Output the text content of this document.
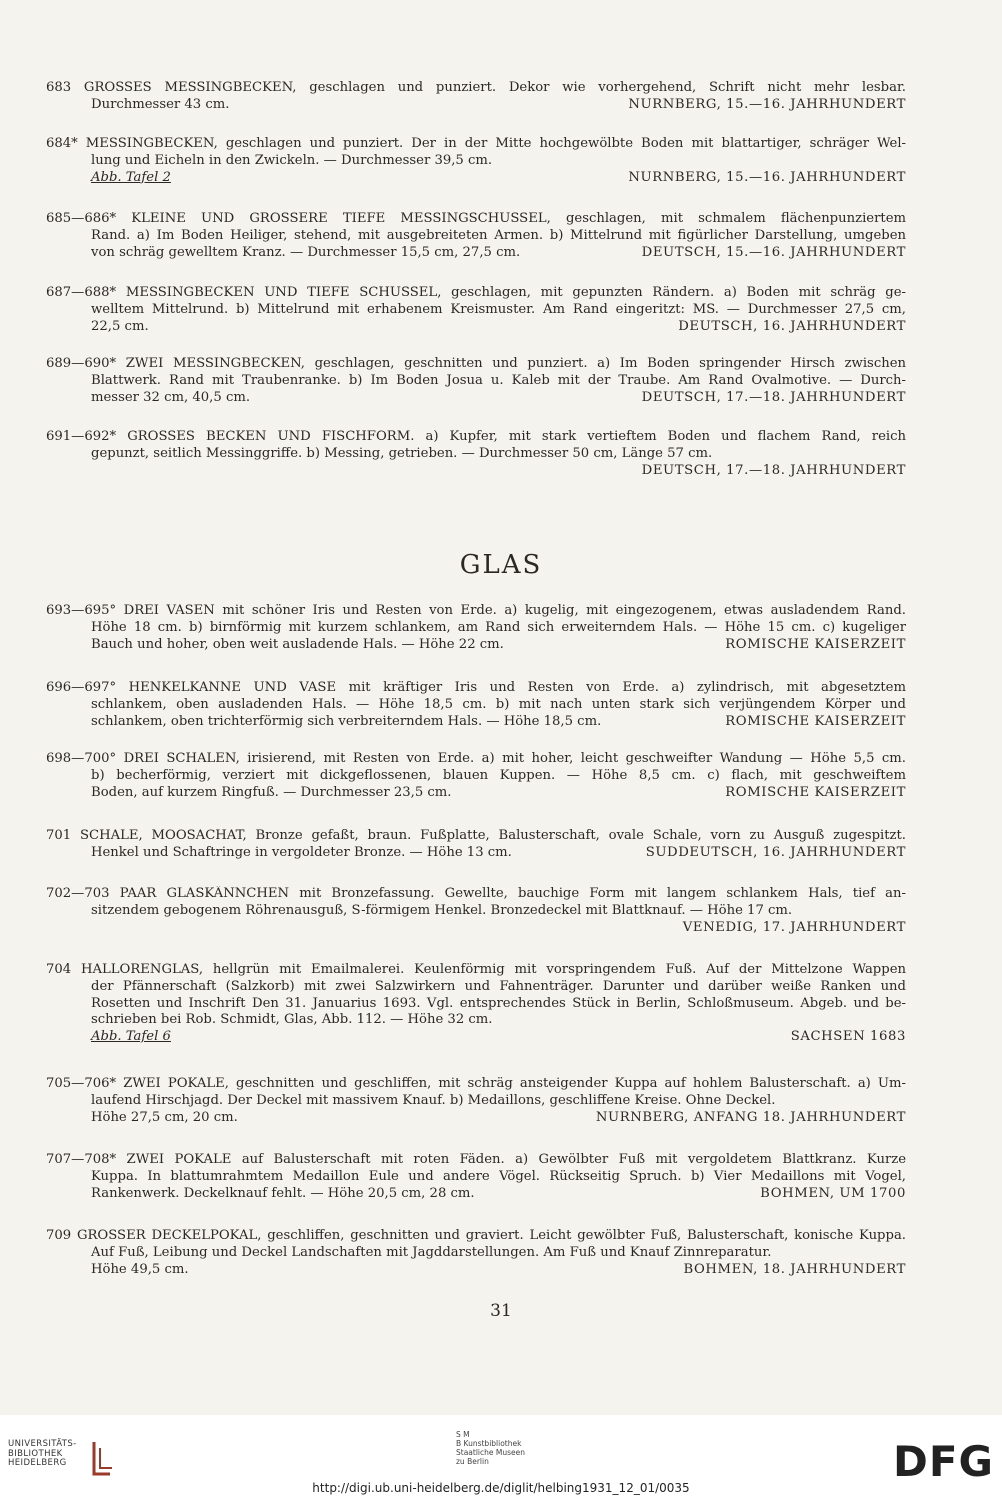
683 GROSSES MESSINGBECKEN, geschlagen und punziert. Dekor wie vorhergehend, Schrift nicht mehr lesbar.
Durchmesser 43 cm.	NÜRNBERG, 15.—16. JAHRHUNDERT
684* MESSINGBECKEN, geschlagen und punziert. Der in der Mitte hochgewölbte Boden mit blattartiger, schräger Wel-
lung und Eicheln in den Zwickeln. — Durchmesser 39,5 cm.
Abb. Tafel 2	NÜRNBERG, 15.—16. JAHRHUNDERT
685—686* KLEINE UND GRÖSSERE TIEFE MESSINGSCHÜSSEL, geschlagen, mit schmalem flächenpunziertem
Rand. a) Im Boden Heiliger, stehend, mit ausgebreiteten Armen. b) Mittelrund mit figürlicher Darstellung, umgeben
von schräg gewelltem Kranz. — Durchmesser 15,5 cm, 27,5 cm.	DEUTSCH, 15.—16. JAHRHUNDERT
687—688* MESSINGBECKEN UND TIEFE SCHÜSSEL, geschlagen, mit gepunzten Rändern. a) Boden mit schräg ge-
welltem Mittelrund. b) Mittelrund mit erhabenem Kreismuster. Am Rand eingeritzt: MS. — Durchmesser 27,5 cm,
22,5 cm.	DEUTSCH, 16. JAHRHUNDERT
689—690* ZWEI MESSINGBECKEN, geschlagen, geschnitten und punziert. a) Im Boden springender Hirsch zwischen
Blattwerk. Rand mit Traubenranke. b) Im Boden Josua u. Kaleb mit der Traube. Am Rand Ovalmotive. — Durch-
messer 32 cm, 40,5 cm.	DEUTSCH, 17.—18. JAHRHUNDERT
691—692* GROSSES BECKEN UND FISCHFORM. a) Kupfer, mit stark vertieftem Boden und flachem Rand, reich
gepunzt, seitlich Messinggriffe. b) Messing, getrieben. — Durchmesser 50 cm, Länge 57 cm.
DEUTSCH, 17.—18. JAHRHUNDERT
693—695° DREI VASEN mit schöner Iris und Resten von Erde. a) kugelig, mit eingezogenem, etwas ausladendem Rand.
Höhe 18 cm. b) birnförmig mit kurzem schlankem, am Rand sich erweiterndem Hals. — Höhe 15 cm. c) kugeliger
Bauch und hoher, oben weit ausladende Hals. — Höhe 22 cm.	RÖMISCHE KAISERZEIT
696—697° HENKELKANNE UND VASE mit kräftiger Iris und Resten von Erde. a) zylindrisch, mit abgesetztem
schlankem, oben ausladenden Hals. — Höhe 18,5 cm. b) mit nach unten stark sich verjüngendem Körper und
schlankem, oben trichterförmig sich verbreiterndem Hals. — Höhe 18,5 cm.	RÖMISCHE KAISERZEIT
698—700° DREI SCHALEN, irisierend, mit Resten von Erde. a) mit hoher, leicht geschweifter Wandung — Höhe 5,5 cm.
b) becherförmig, verziert mit dickgeflossenen, blauen Kuppen. — Höhe 8,5 cm. c) flach, mit geschweiftem
Boden, auf kurzem Ringfuß. — Durchmesser 23,5 cm.	RÖMISCHE KAISERZEIT
701 SCHALE, MOOSACHAT, Bronze gefaßt, braun. Fußplatte, Balusterschaft, ovale Schale, vorn zu Ausguß zugespitzt.
Henkel und Schaftringe in vergoldeter Bronze. — Höhe 13 cm.	SÜDDEUTSCH, 16. JAHRHUNDERT
702—703 PAAR GLASKÄNNCHEN mit Bronzefassung. Gewellte, bauchige Form mit langem schlankem Hals, tief an-
sitzendem gebogenem Röhrenausguß, S-förmigem Henkel. Bronzedeckel mit Blattknauf. — Höhe 17 cm.
VENEDIG, 17. JAHRHUNDERT
704 HALLORENGLAS, hellgrün mit Emailmalerei. Keulenförmig mit vorspringendem Fuß. Auf der Mittelzone Wappen
der Pfännerschaft (Salzkorb) mit zwei Salzwirkern und Fahnenträger. Darunter und darüber weiße Ranken und
Rosetten und Inschrift Den 31. Januarius 1693. Vgl. entsprechendes Stück in Berlin, Schloßmuseum. Abgeb. und be-
schrieben bei Rob. Schmidt, Glas, Abb. 112. — Höhe 32 cm.
Abb. Tafel 6	SACHSEN 1683
705—706* ZWEI POKALE, geschnitten und geschliffen, mit schräg ansteigender Kuppa auf hohlem Balusterschaft. a) Um-
laufend Hirschjagd. Der Deckel mit massivem Knauf. b) Medaillons, geschliffene Kreise. Ohne Deckel.
Höhe 27,5 cm, 20 cm.	NÜRNBERG, ANFANG 18. JAHRHUNDERT
707—708* ZWEI POKALE auf Balusterschaft mit roten Fäden. a) Gewölbter Fuß mit vergoldetem Blattkranz. Kurze
Kuppa. In blattumrahmtem Medaillon Eule und andere Vögel. Rückseitig Spruch. b) Vier Medaillons mit Vogel,
Rankenwerk. Deckelknauf fehlt. — Höhe 20,5 cm, 28 cm.	BÖHMEN, UM 1700
709 GROSSER DECKELPOKAL, geschliffen, geschnitten und graviert. Leicht gewölbter Fuß, Balusterschaft, konische Kuppa.
Auf Fuß, Leibung und Deckel Landschaften mit Jagddarstellungen. Am Fuß und Knauf Zinnreparatur.
Höhe 49,5 cm.	BÖHMEN, 18. JAHRHUNDERT
GLAS
31
UNIVERSITÄTS-
BIBLIOTHEK
HEIDELBERG
S M
B Kunstbibliothek
Staatliche Museen
zu Berlin	DFG
http://digi.ub.uni-heidelberg.de/diglit/helbing1931_12_01/0035
